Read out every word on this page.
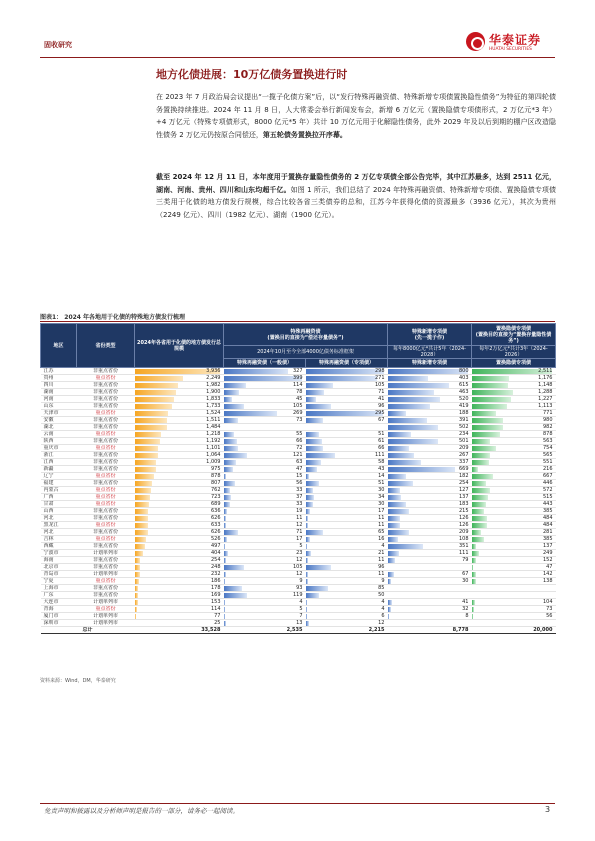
固收研究	华泰证券
HUATAI SECURITIES
地方化债进展：10万亿债务置换进行时
在 2023 年 7 月政治局会议提出“一揽子化债方案”后，以“发行特殊再融资债、特殊新增专项债置换隐性债务”为特征的第四轮债务置换持续推进。2024 年 11 月 8 日，人大常委会举行新闻发布会，新增 6 万亿元（置换隐债专项债形式，2 万亿元*3 年）+4 万亿元（特殊专项债形式，8000 亿元*5 年）共计 10 万亿元用于化解隐性债务，此外 2029 年及以后到期的棚户区改造隐性债务 2 万亿元仍按原合同偿还，第五轮债务置换拉开序幕。
截至 2024 年 12 月 11 日，本年度用于置换存量隐性债务的 2 万亿专项债全部公告完毕，其中江苏最多，达到 2511 亿元，湖南、河南、贵州、四川和山东均超千亿。如图 1 所示，我们总结了 2024 年特殊再融资债、特殊新增专项债、置换隐债专项债三类用于化债的地方债发行规模，综合比较各省三类债券的总和，江苏今年获得化债的资源最多（3936 亿元），其次为贵州（2249 亿元）、四川（1982 亿元）、湖南（1900 亿元）。
图表1： 2024 年各地用于化债的特殊地方债发行梳理
地区	省份类型	2024年各省用于化债的地方债发行总规模	特殊再融资债
(置换目的直接为“偿还存量债务”)		特殊新增专项债
(先一揽子作)	置换隐债专项债
(置换目的直接为“置换存量隐性债务”)
			2024年10月至今全部4000亿债务标准框架		每年8000亿元*共计5年（2024-2028）	每年2万亿元*共计3年（2024-2026）
			特殊再融资债（一般债）	特殊再融资债（专项债）	特殊新增专项债	置换隐债专项债
江苏	非重点省份	3,936	327	298	800	2,511
贵州	重点省份	2,249	399	271	403	1,176
四川	非重点省份	1,982	114	105	615	1,148
湖南	非重点省份	1,900	78	71	463	1,288
河南	非重点省份	1,833	45	41	520	1,227
山东	非重点省份	1,733	105	96	419	1,113
天津市	重点省份	1,524	269	295	188	771
安徽	非重点省份	1,511	73	67	391	980
湖北	非重点省份	1,484			502	982
云南	重点省份	1,218	55	51	234	878
陕西	非重点省份	1,192	66	61	501	563
重庆市	重点省份	1,101	72	66	209	754
浙江	非重点省份	1,064	121	111	267	565
江西	非重点省份	1,009	63	58	337	551
新疆	非重点省份	975	47	43	669	216
辽宁	重点省份	878	15	14	182	667
福建	非重点省份	807	56	51	254	446
内蒙古	重点省份	762	33	30	127	572
广西	重点省份	723	37	34	137	515
甘肃	重点省份	689	33	30	183	443
山西	非重点省份	636	19	17	215	385
河北	非重点省份	626	11	11	126	484
黑龙江	重点省份	633	12	11	126	484
河北	非重点省份	626	71	65	209	281
吉林	重点省份	526	17	16	108	385
西藏	非重点省份	497	5	4	351	137
宁波市	计划单列市	404	23	21	111	249
海南	非重点省份	254	12	11	79	152
北京市	非重点省份	248	105	96		47
青岛市	计划单列市	232	12	11	67	142
宁夏	重点省份	186	9	9	30	138
上海市	非重点省份	178	93	85		
广东	非重点省份	169	119	50		
大连市	计划单列市	153	4	4	41	104
青海	重点省份	114	5	4	32	73
厦门市	计划单列市	77	7	6	8	56
深圳市	计划单列市	25	13	12		
总计		33,528	2,535	2,215	8,778	20,000
资料来源：Wind，DM，华泰研究
免责声明和披露以及分析师声明是报告的一部分，请务必一起阅读。	3
